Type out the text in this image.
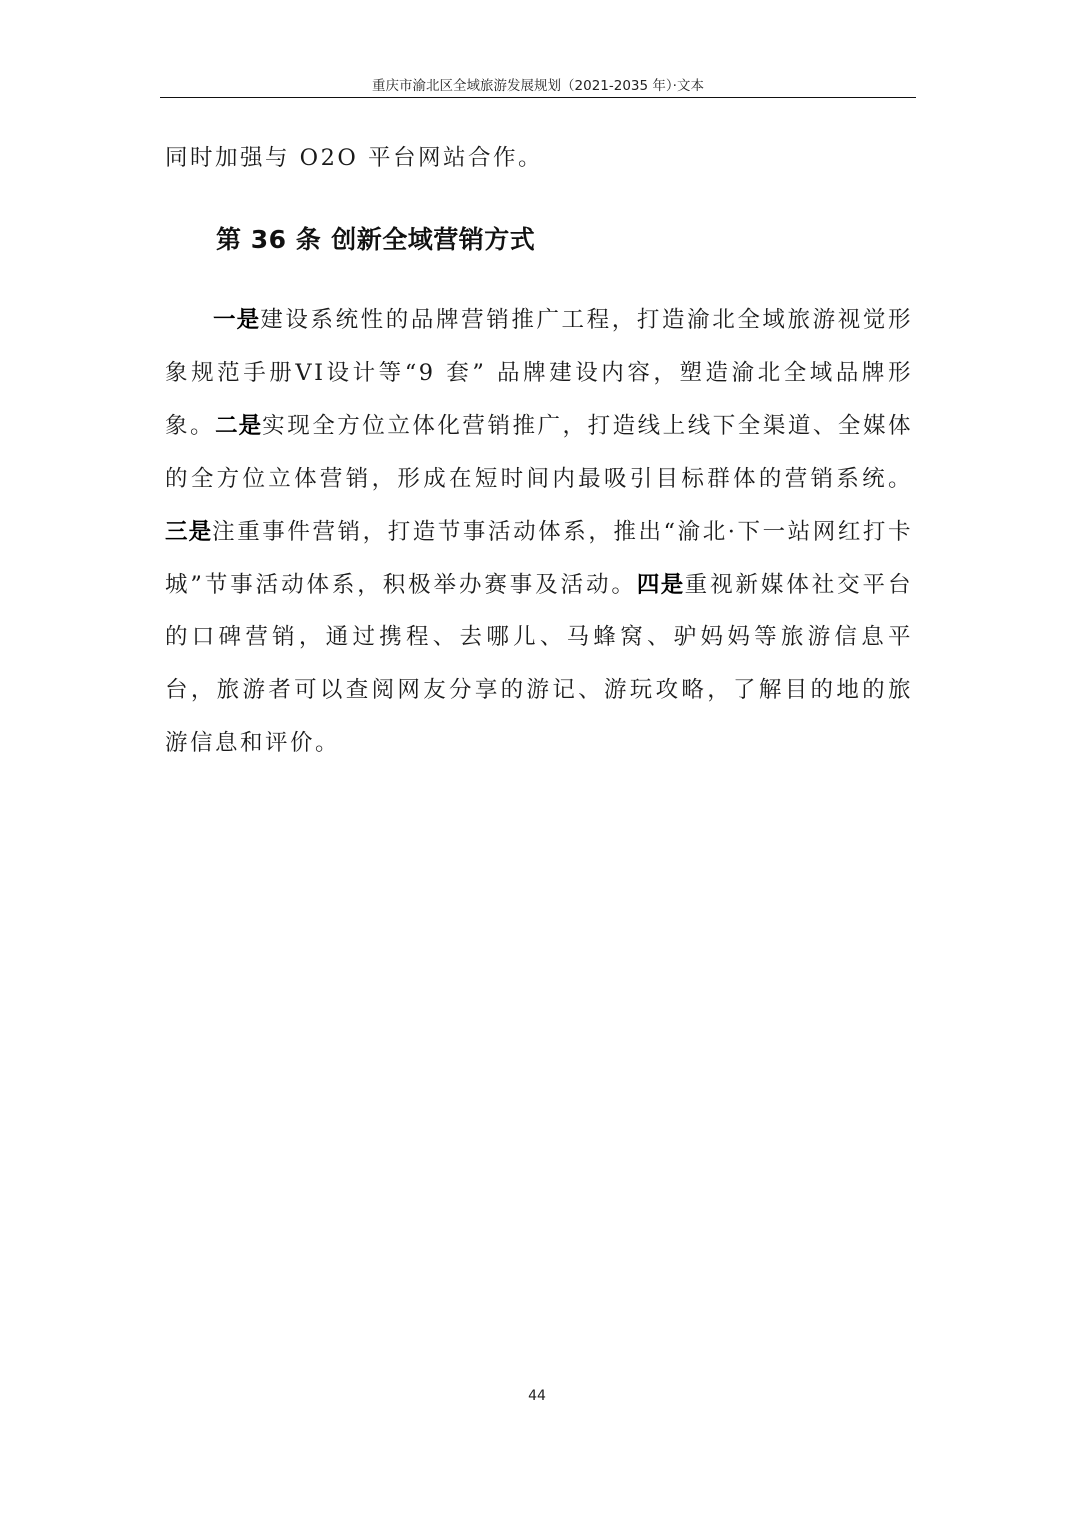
重庆市渝北区全域旅游发展规划（2021-2035 年）·文本

同时加强与 O2O 平台网站合作。

第 36 条 创新全域营销方式

一是建设系统性的品牌营销推广工程，打造渝北全域旅游视觉形象规范手册VI设计等“9 套” 品牌建设内容，塑造渝北全域品牌形象。二是实现全方位立体化营销推广，打造线上线下全渠道、全媒体的全方位立体营销，形成在短时间内最吸引目标群体的营销系统。三是注重事件营销，打造节事活动体系，推出“渝北·下一站网红打卡城”节事活动体系，积极举办赛事及活动。四是重视新媒体社交平台的口碑营销，通过携程、去哪儿、马蜂窝、驴妈妈等旅游信息平台，旅游者可以查阅网友分享的游记、游玩攻略，了解目的地的旅游信息和评价。

44
